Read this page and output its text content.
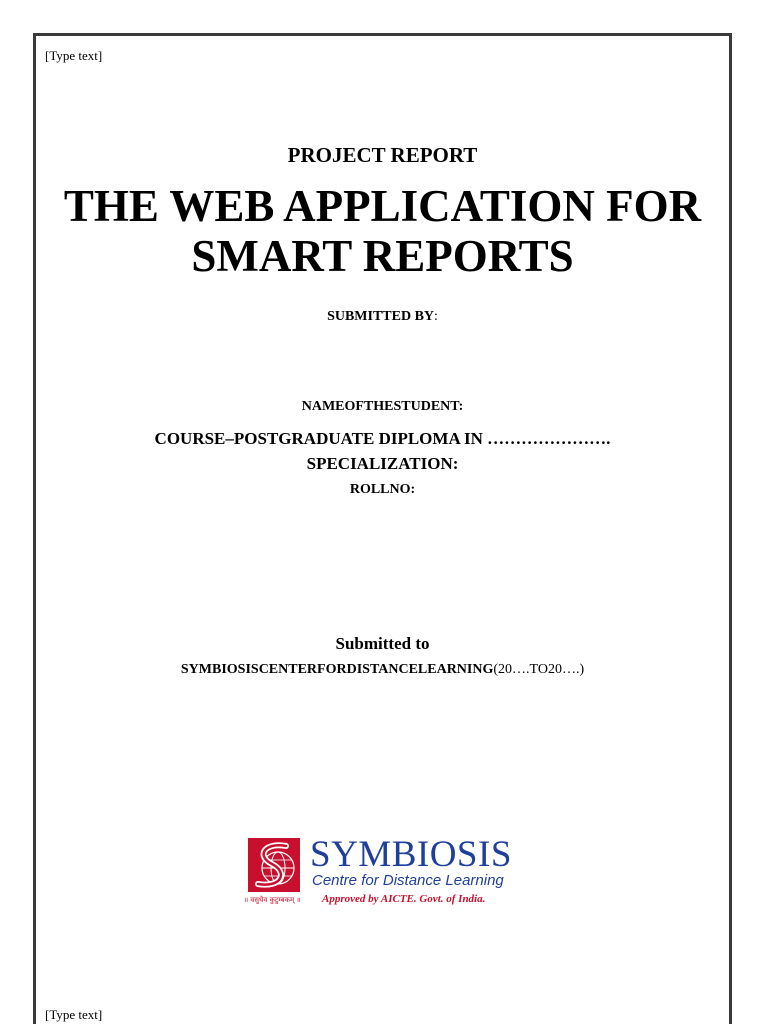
[Type text]
PROJECT REPORT
THE WEB APPLICATION FOR
SMART REPORTS
SUBMITTED BY:
NAMEOFTHESTUDENT:
COURSE–POSTGRADUATE DIPLOMA IN ………………….
SPECIALIZATION:
ROLLNO:
Submitted to
SYMBIOSISCENTERFORDISTANCELEARNING(20….TO20….)
SYMBIOSIS
Centre for Distance Learning
॥ वसुधैव कुटुम्बकम् ॥ Approved by AICTE. Govt. of India.
[Type text]
